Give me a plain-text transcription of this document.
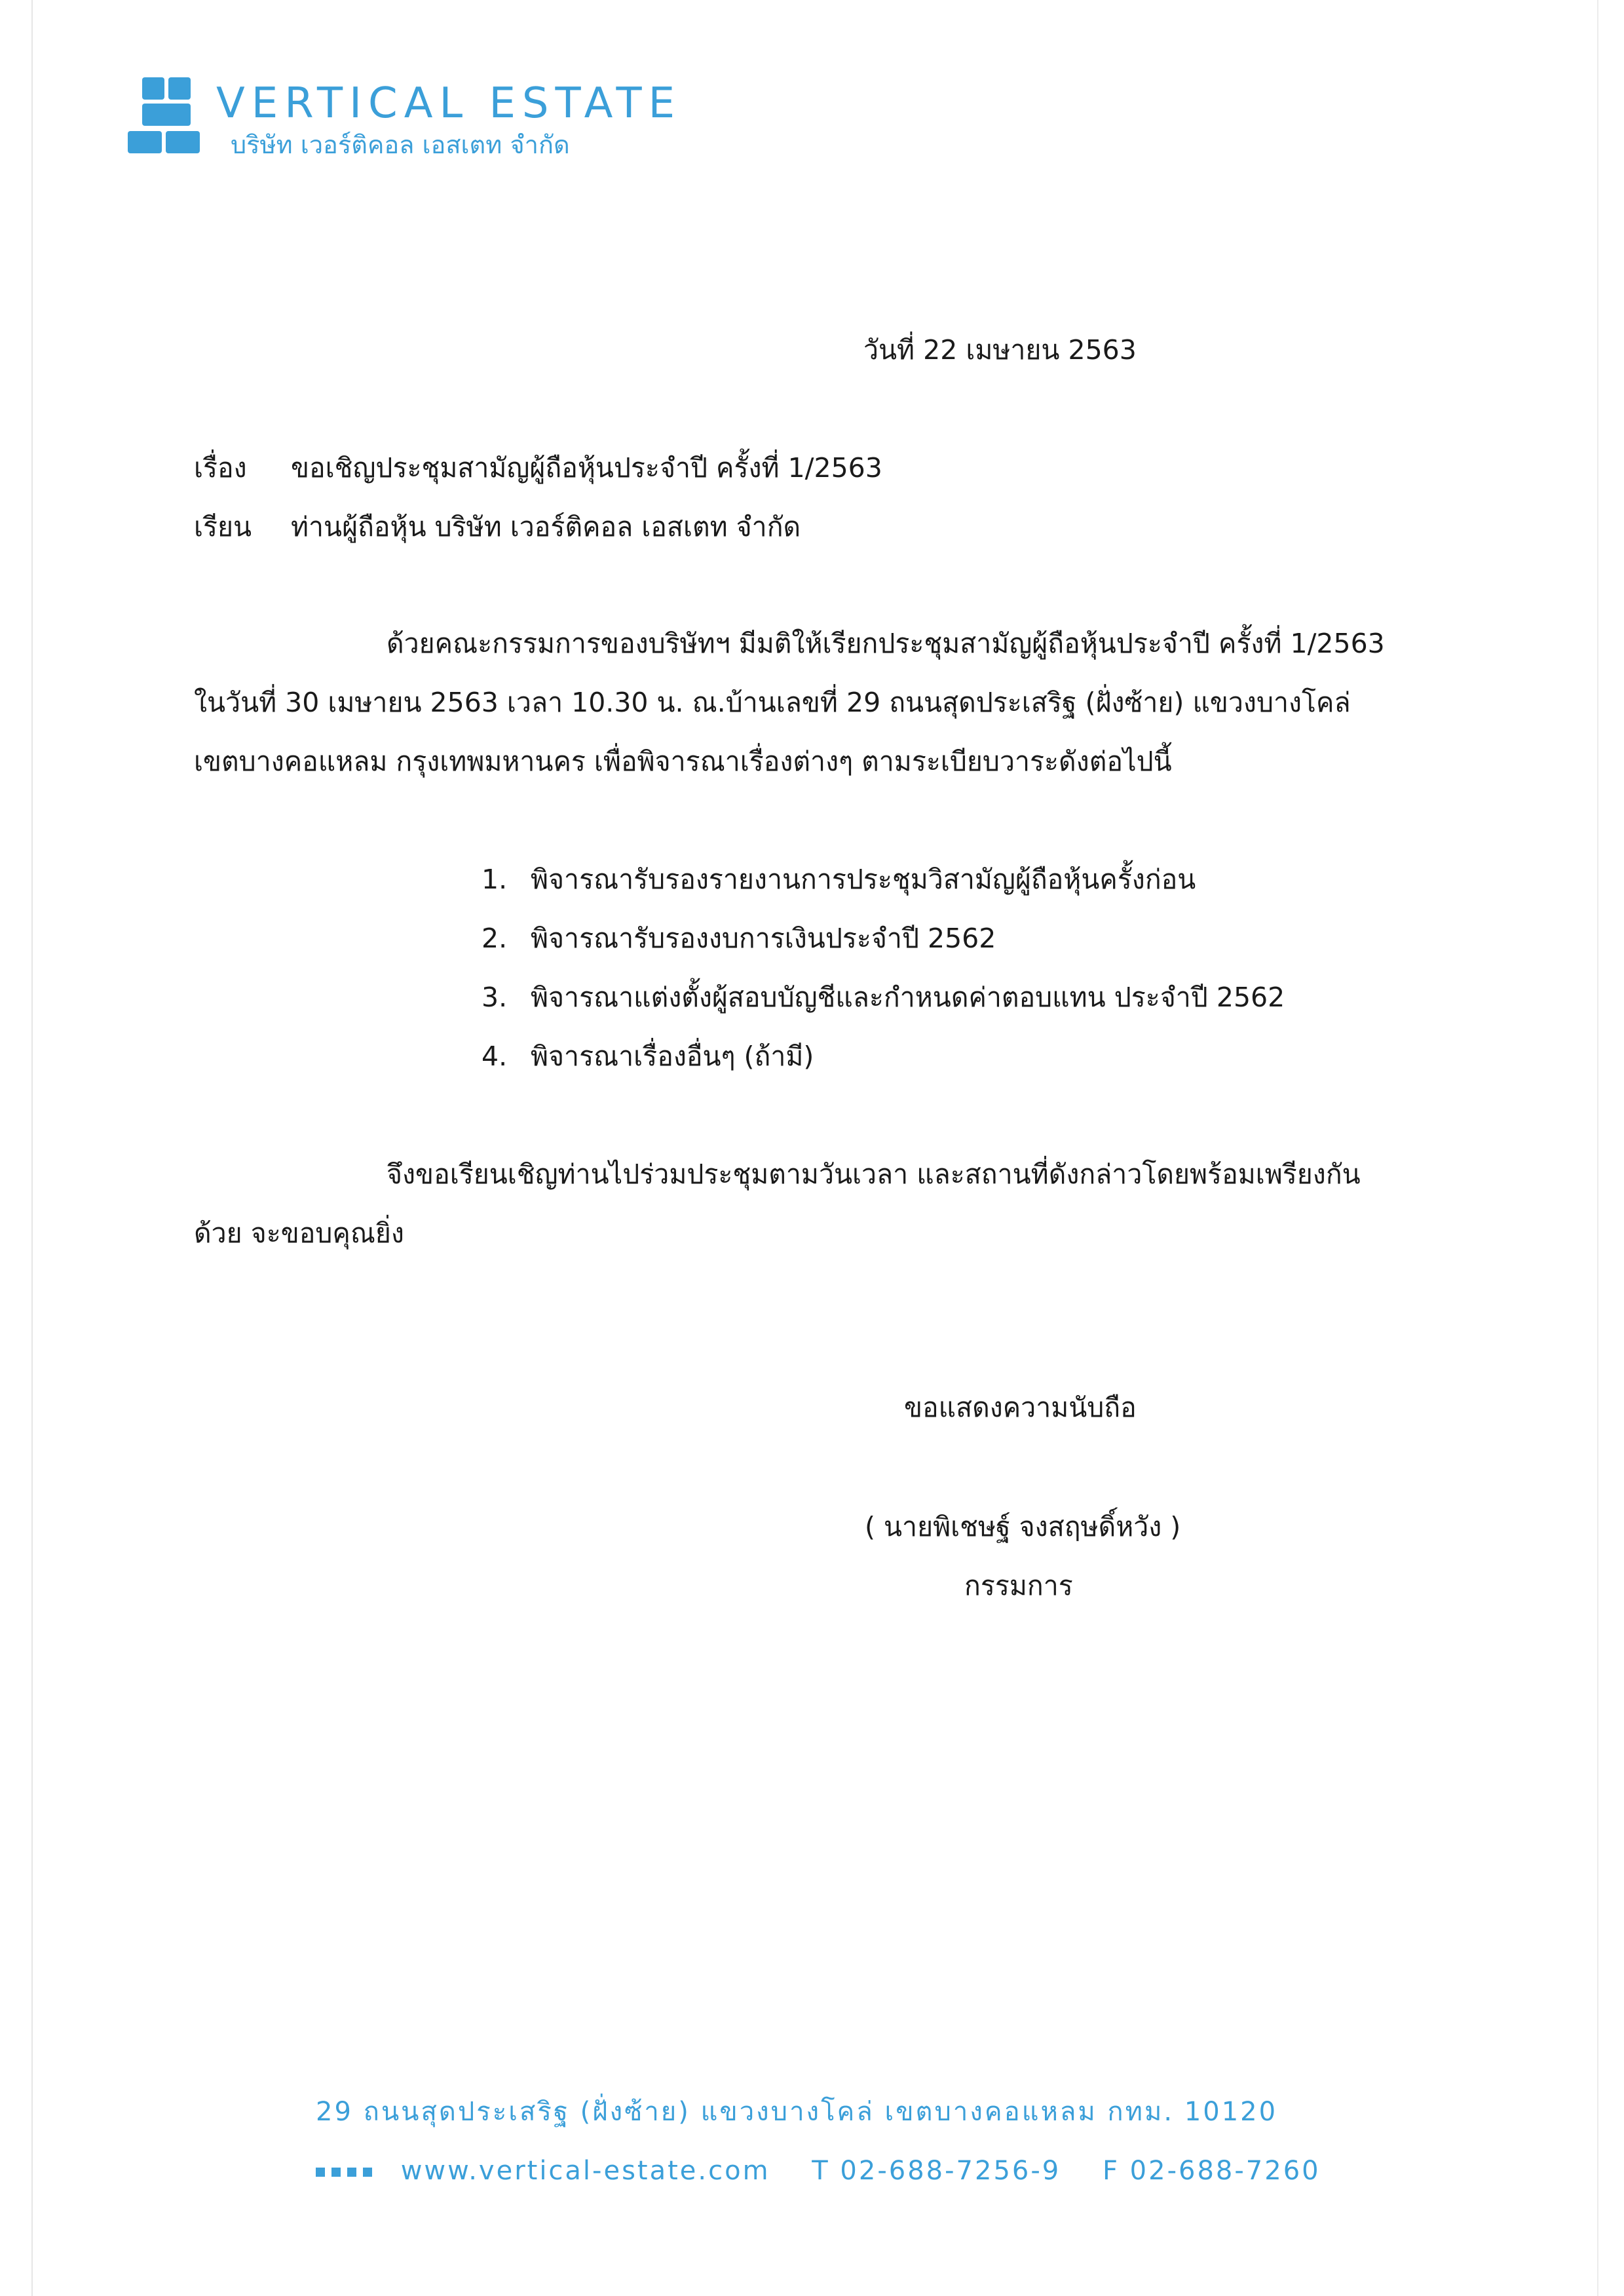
VERTICAL ESTATE
บริษัท เวอร์ติคอล เอสเตท จำกัด
วันที่ 22 เมษายน 2563
เรื่อง ขอเชิญประชุมสามัญผู้ถือหุ้นประจำปี ครั้งที่ 1/2563
เรียน ท่านผู้ถือหุ้น บริษัท เวอร์ติคอล เอสเตท จำกัด
ด้วยคณะกรรมการของบริษัทฯ มีมติให้เรียกประชุมสามัญผู้ถือหุ้นประจำปี ครั้งที่ 1/2563
ในวันที่ 30 เมษายน 2563 เวลา 10.30 น. ณ.บ้านเลขที่ 29 ถนนสุดประเสริฐ (ฝั่งซ้าย) แขวงบางโคล่
เขตบางคอแหลม กรุงเทพมหานคร เพื่อพิจารณาเรื่องต่างๆ ตามระเบียบวาระดังต่อไปนี้
1. พิจารณารับรองรายงานการประชุมวิสามัญผู้ถือหุ้นครั้งก่อน
2. พิจารณารับรองงบการเงินประจำปี 2562
3. พิจารณาแต่งตั้งผู้สอบบัญชีและกำหนดค่าตอบแทน ประจำปี 2562
4. พิจารณาเรื่องอื่นๆ (ถ้ามี)
จึงขอเรียนเชิญท่านไปร่วมประชุมตามวันเวลา และสถานที่ดังกล่าวโดยพร้อมเพรียงกัน
ด้วย จะขอบคุณยิ่ง
ขอแสดงความนับถือ
( นายพิเชษฐ์ จงสฤษดิ์หวัง )
กรรมการ
29 ถนนสุดประเสริฐ (ฝั่งซ้าย) แขวงบางโคล่ เขตบางคอแหลม กทม. 10120
www.vertical-estate.com T 02-688-7256-9 F 02-688-7260
